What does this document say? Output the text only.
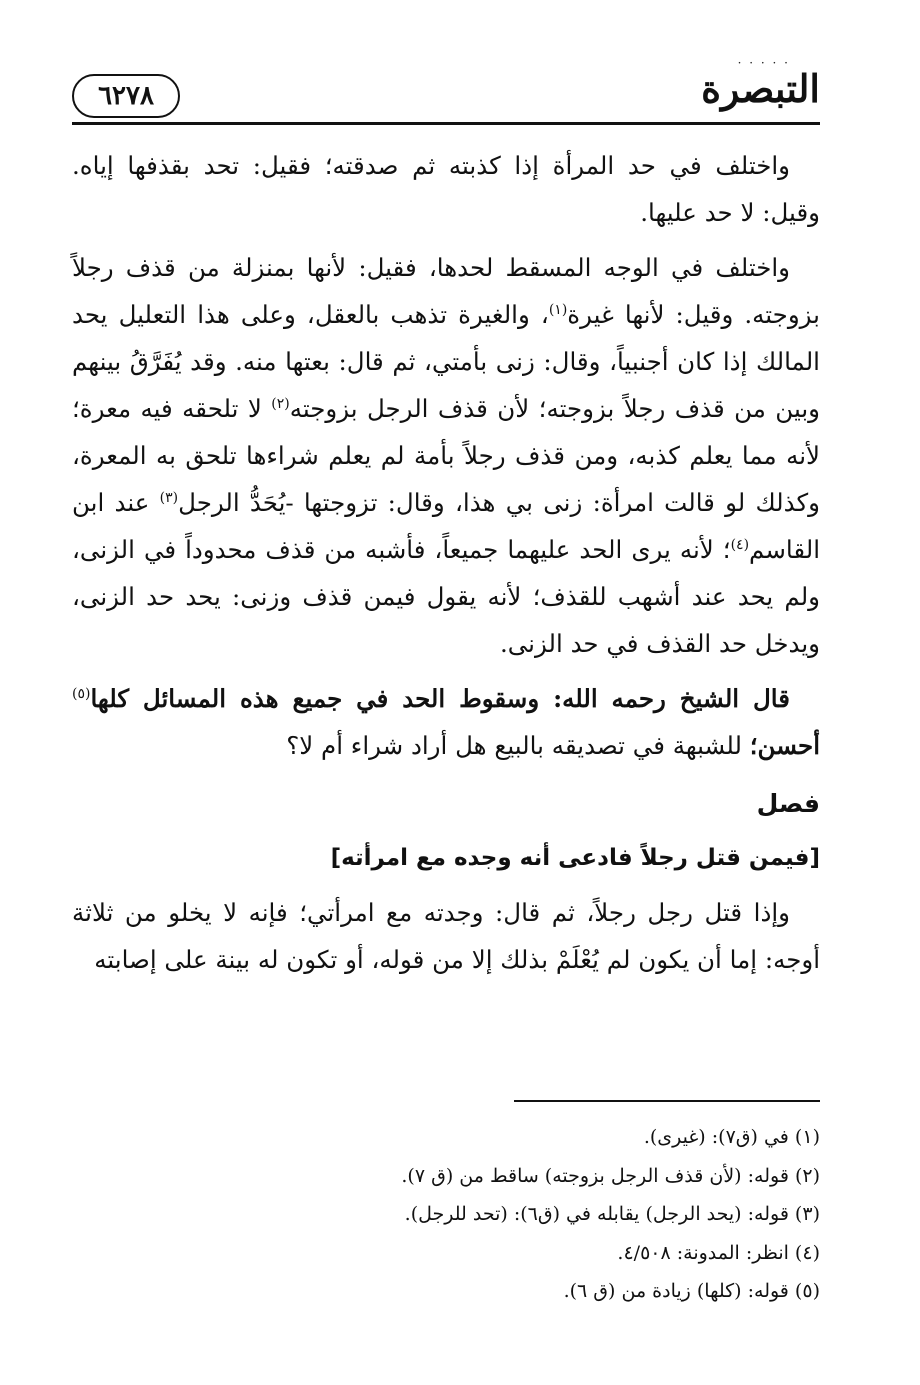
· · · · ·
التبصرة
٦٢٧٨

واختلف في حد المرأة إذا كذبته ثم صدقته؛ فقيل: تحد بقذفها إياه. وقيل: لا حد عليها.

واختلف في الوجه المسقط لحدها، فقيل: لأنها بمنزلة من قذف رجلاً بزوجته. وقيل: لأنها غيرة$^{(١)}$، والغيرة تذهب بالعقل، وعلى هذا التعليل يحد المالك إذا كان أجنبياً، وقال: زنى بأمتي، ثم قال: بعتها منه. وقد يُفَرَّقُ بينهم وبين من قذف رجلاً بزوجته؛ لأن قذف الرجل بزوجته$^{(٢)}$ لا تلحقه فيه معرة؛ لأنه مما يعلم كذبه، ومن قذف رجلاً بأمة لم يعلم شراءها تلحق به المعرة، وكذلك لو قالت امرأة: زنى بي هذا، وقال: تزوجتها -يُحَدُّ الرجل$^{(٣)}$ عند ابن القاسم$^{(٤)}$؛ لأنه يرى الحد عليهما جميعاً، فأشبه من قذف محدوداً في الزنى، ولم يحد عند أشهب للقذف؛ لأنه يقول فيمن قذف وزنى: يحد حد الزنى، ويدخل حد القذف في حد الزنى.

قال الشيخ رحمه الله: وسقوط الحد في جميع هذه المسائل كلها$^{(٥)}$ أحسن؛ للشبهة في تصديقه بالبيع هل أراد شراء أم لا؟

فصل
[فيمن قتل رجلاً فادعى أنه وجده مع امرأته]

وإذا قتل رجل رجلاً، ثم قال: وجدته مع امرأتي؛ فإنه لا يخلو من ثلاثة أوجه: إما أن يكون لم يُعْلَمْ بذلك إلا من قوله، أو تكون له بينة على إصابته

(١) في (ق٧): (غيرى).

(٢) قوله: (لأن قذف الرجل بزوجته) ساقط من (ق ٧).

(٣) قوله: (يحد الرجل) يقابله في (ق٦): (تحد للرجل).

(٤) انظر: المدونة: ٤/٥٠٨.

(٥) قوله: (كلها) زيادة من (ق ٦).
